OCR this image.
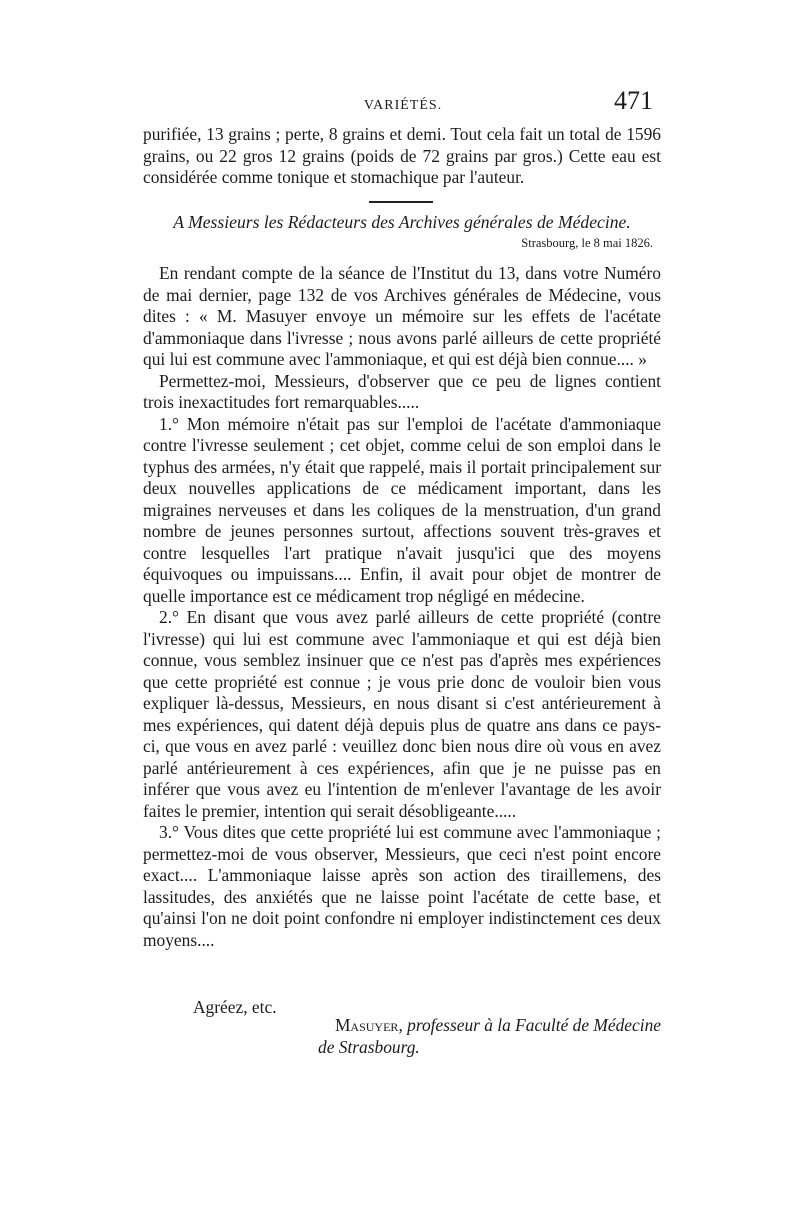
VARIÉTÉS.	471

purifiée, 13 grains ; perte, 8 grains et demi. Tout cela fait un total de 1596 grains, ou 22 gros 12 grains (poids de 72 grains par gros.) Cette eau est considérée comme tonique et stomachique par l'auteur.

A Messieurs les Rédacteurs des Archives générales de Médecine.
Strasbourg, le 8 mai 1826.

En rendant compte de la séance de l'Institut du 13, dans votre Numéro de mai dernier, page 132 de vos Archives générales de Médecine, vous dites : « M. Masuyer envoye un mémoire sur les effets de l'acétate d'ammoniaque dans l'ivresse ; nous avons parlé ailleurs de cette propriété qui lui est commune avec l'ammoniaque, et qui est déjà bien connue.... »

Permettez-moi, Messieurs, d'observer que ce peu de lignes contient trois inexactitudes fort remarquables.....

1.° Mon mémoire n'était pas sur l'emploi de l'acétate d'ammoniaque contre l'ivresse seulement ; cet objet, comme celui de son emploi dans le typhus des armées, n'y était que rappelé, mais il portait principalement sur deux nouvelles applications de ce médicament important, dans les migraines nerveuses et dans les coliques de la menstruation, d'un grand nombre de jeunes personnes surtout, affections souvent très-graves et contre lesquelles l'art pratique n'avait jusqu'ici que des moyens équivoques ou impuissans.... Enfin, il avait pour objet de montrer de quelle importance est ce médicament trop négligé en médecine.

2.° En disant que vous avez parlé ailleurs de cette propriété (contre l'ivresse) qui lui est commune avec l'ammoniaque et qui est déjà bien connue, vous semblez insinuer que ce n'est pas d'après mes expériences que cette propriété est connue ; je vous prie donc de vouloir bien vous expliquer là-dessus, Messieurs, en nous disant si c'est antérieurement à mes expériences, qui datent déjà depuis plus de quatre ans dans ce pays-ci, que vous en avez parlé : veuillez donc bien nous dire où vous en avez parlé antérieurement à ces expériences, afin que je ne puisse pas en inférer que vous avez eu l'intention de m'enlever l'avantage de les avoir faites le premier, intention qui serait désobligeante.....

3.° Vous dites que cette propriété lui est commune avec l'ammoniaque ; permettez-moi de vous observer, Messieurs, que ceci n'est point encore exact.... L'ammoniaque laisse après son action des tiraillemens, des lassitudes, des anxiétés que ne laisse point l'acétate de cette base, et qu'ainsi l'on ne doit point confondre ni employer indistinctement ces deux moyens....

Agréez, etc.
Masuyer, professeur à la Faculté de Médecine
de Strasbourg.
